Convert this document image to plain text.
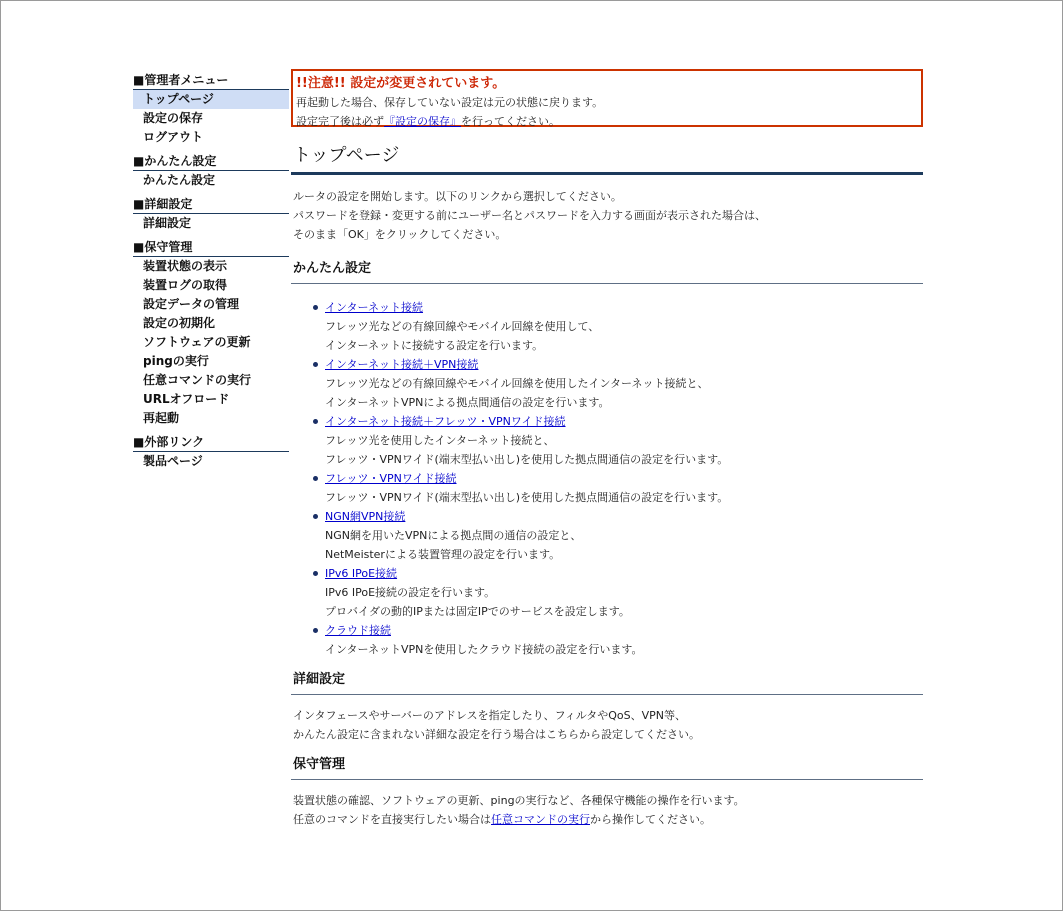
■管理者メニュー
トップページ
設定の保存
ログアウト
■かんたん設定
かんたん設定
■詳細設定
詳細設定
■保守管理
装置状態の表示
装置ログの取得
設定データの管理
設定の初期化
ソフトウェアの更新
pingの実行
任意コマンドの実行
URLオフロード
再起動
■外部リンク
製品ページ
!!注意!! 設定が変更されています。
再起動した場合、保存していない設定は元の状態に戻ります。
設定完了後は必ず『設定の保存』を行ってください。
トップページ
ルータの設定を開始します。以下のリンクから選択してください。
パスワードを登録・変更する前にユーザー名とパスワードを入力する画面が表示された場合は、
そのまま「OK」をクリックしてください。
かんたん設定
インターネット接続
フレッツ光などの有線回線やモバイル回線を使用して、
インターネットに接続する設定を行います。
インターネット接続＋VPN接続
フレッツ光などの有線回線やモバイル回線を使用したインターネット接続と、
インターネットVPNによる拠点間通信の設定を行います。
インターネット接続＋フレッツ・VPNワイド接続
フレッツ光を使用したインターネット接続と、
フレッツ・VPNワイド(端末型払い出し)を使用した拠点間通信の設定を行います。
フレッツ・VPNワイド接続
フレッツ・VPNワイド(端末型払い出し)を使用した拠点間通信の設定を行います。
NGN網VPN接続
NGN網を用いたVPNによる拠点間の通信の設定と、
NetMeisterによる装置管理の設定を行います。
IPv6 IPoE接続
IPv6 IPoE接続の設定を行います。
プロバイダの動的IPまたは固定IPでのサービスを設定します。
クラウド接続
インターネットVPNを使用したクラウド接続の設定を行います。
詳細設定
インタフェースやサーバーのアドレスを指定したり、フィルタやQoS、VPN等、
かんたん設定に含まれない詳細な設定を行う場合はこちらから設定してください。
保守管理
装置状態の確認、ソフトウェアの更新、pingの実行など、各種保守機能の操作を行います。
任意のコマンドを直接実行したい場合は任意コマンドの実行から操作してください。
